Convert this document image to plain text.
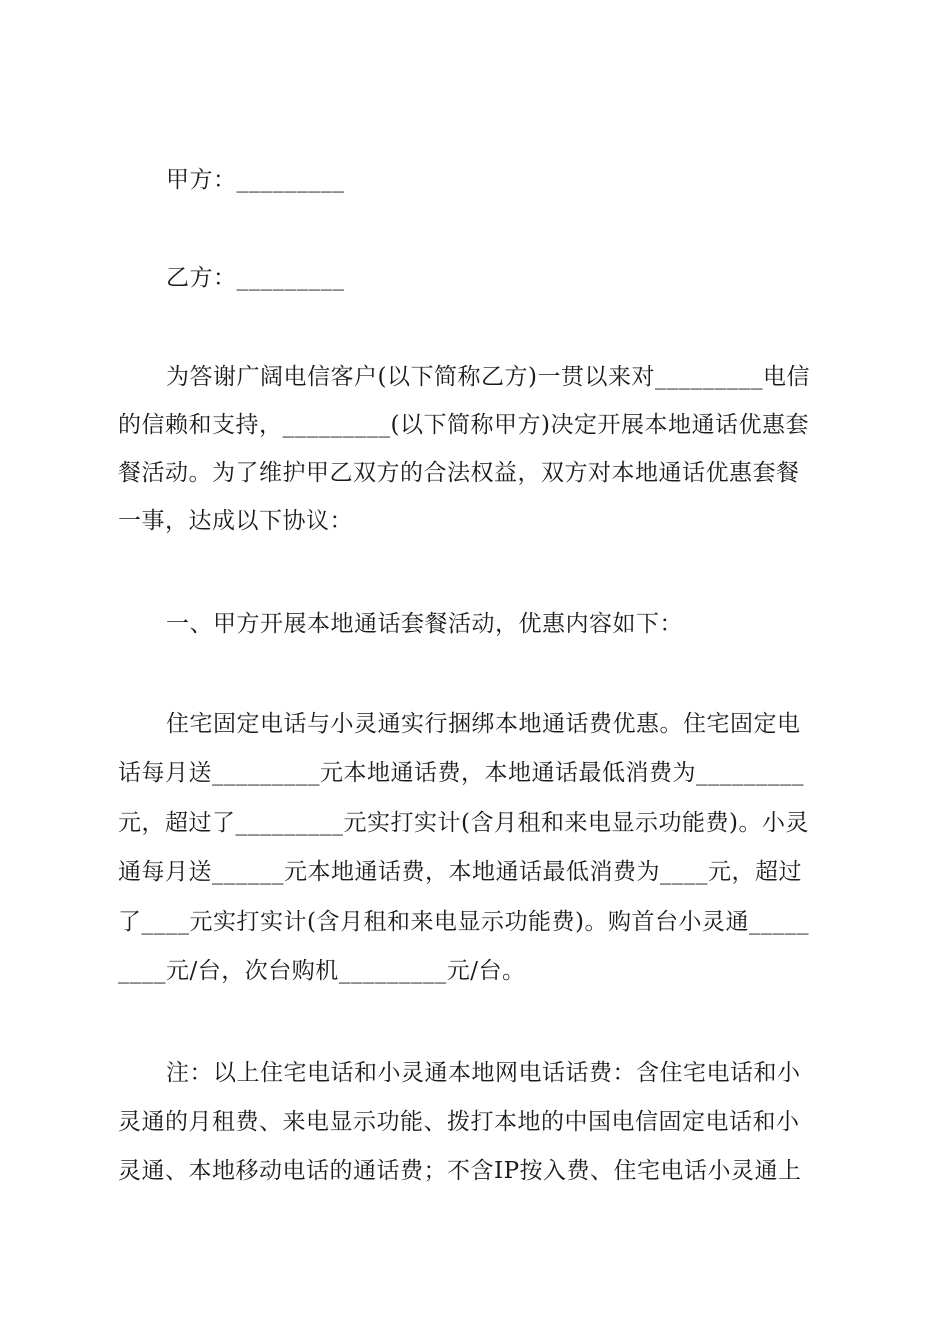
甲方：_________
乙方：_________
为答谢广阔电信客户(以下简称乙方)一贯以来对_________电信
的信赖和支持，_________(以下简称甲方)决定开展本地通话优惠套
餐活动。为了维护甲乙双方的合法权益，双方对本地通话优惠套餐
一事，达成以下协议：
一、甲方开展本地通话套餐活动，优惠内容如下：
住宅固定电话与小灵通实行捆绑本地通话费优惠。住宅固定电
话每月送_________元本地通话费，本地通话最低消费为_________
元，超过了_________元实打实计(含月租和来电显示功能费)。小灵
通每月送______元本地通话费，本地通话最低消费为____元，超过
了____元实打实计(含月租和来电显示功能费)。购首台小灵通_____
____元/台，次台购机_________元/台。
注：以上住宅电话和小灵通本地网电话话费：含住宅电话和小
灵通的月租费、来电显示功能、拨打本地的中国电信固定电话和小
灵通、本地移动电话的通话费；不含IP按入费、住宅电话小灵通上
